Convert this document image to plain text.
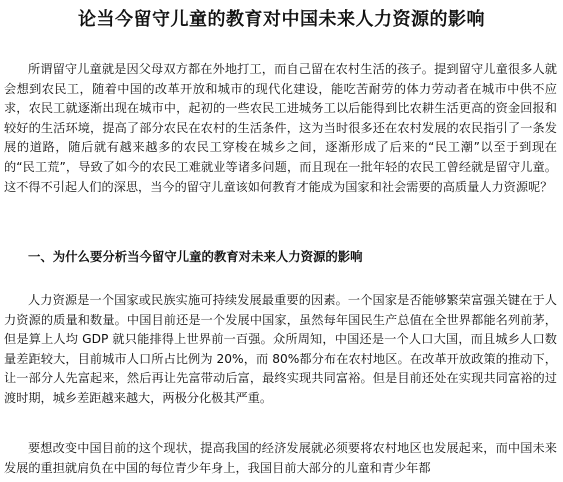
论当今留守儿童的教育对中国未来人力资源的影响
所谓留守儿童就是因父母双方都在外地打工，而自己留在农村生活的孩子。提到留守儿童很多人就会想到农民工，随着中国的改革开放和城市的现代化建设，能吃苦耐劳的体力劳动者在城市中供不应求，农民工就逐渐出现在城市中，起初的一些农民工进城务工以后能得到比农耕生活更高的资金回报和较好的生活环境，提高了部分农民在农村的生活条件，这为当时很多还在农村发展的农民指引了一条发展的道路，随后就有越来越多的农民工穿梭在城乡之间，逐渐形成了后来的“民工潮”以至于到现在的“民工荒”，导致了如今的农民工难就业等诸多问题，而且现在一批年轻的农民工曾经就是留守儿童。这不得不引起人们的深思，当今的留守儿童该如何教育才能成为国家和社会需要的高质量人力资源呢？
一、为什么要分析当今留守儿童的教育对未来人力资源的影响
人力资源是一个国家或民族实施可持续发展最重要的因素。一个国家是否能够繁荣富强关键在于人力资源的质量和数量。中国目前还是一个发展中国家，虽然每年国民生产总值在全世界都能名列前茅，但是算上人均 GDP 就只能排得上世界前一百强。众所周知，中国还是一个人口大国，而且城乡人口数量差距较大，目前城市人口所占比例为 20%，而 80%都分布在农村地区。在改革开放政策的推动下，让一部分人先富起来，然后再让先富带动后富，最终实现共同富裕。但是目前还处在实现共同富裕的过渡时期，城乡差距越来越大，两极分化极其严重。
要想改变中国目前的这个现状，提高我国的经济发展就必须要将农村地区也发展起来，而中国未来发展的重担就肩负在中国的每位青少年身上，我国目前大部分的儿童和青少年都
